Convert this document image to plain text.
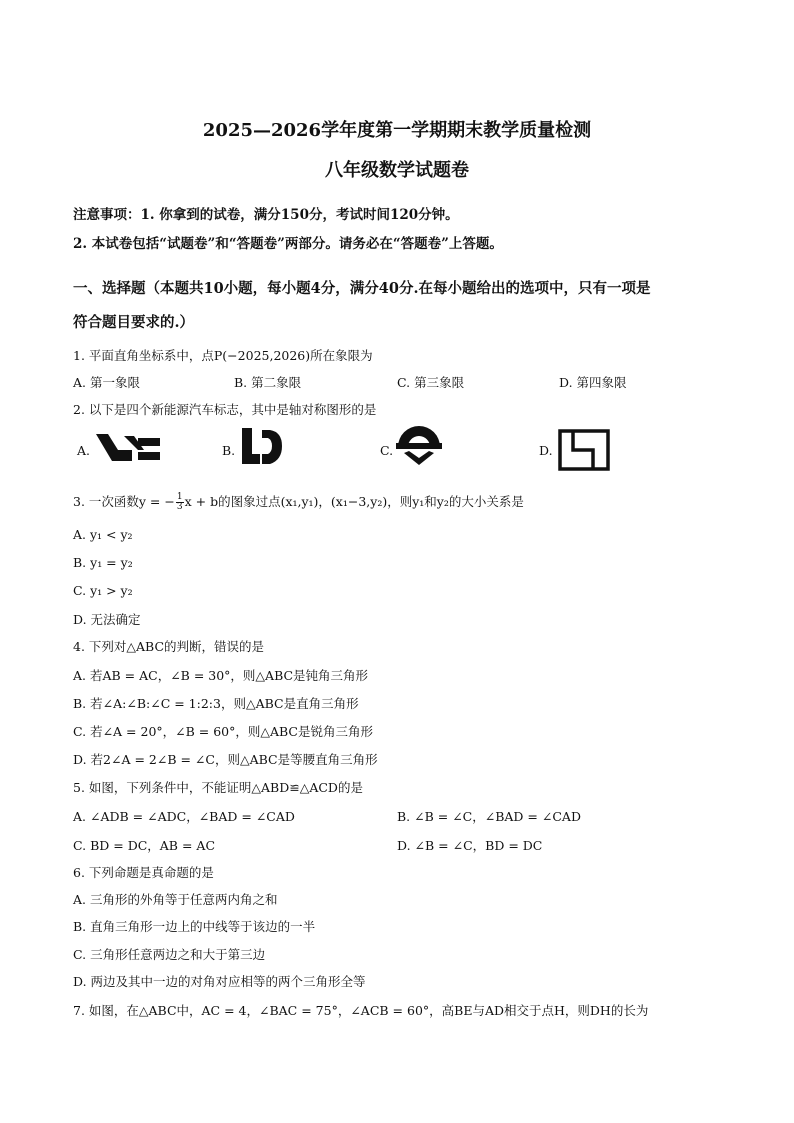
2025—2026学年度第一学期期末教学质量检测
八年级数学试题卷
注意事项：1. 你拿到的试卷，满分150分，考试时间120分钟。
2. 本试卷包括“试题卷”和“答题卷”两部分。请务必在“答题卷”上答题。
一、选择题（本题共10小题，每小题4分，满分40分.在每小题给出的选项中，只有一项是
符合题目要求的.）
1. 平面直角坐标系中，点P(−2025,2026)所在象限为
A. 第一象限	B. 第二象限	C. 第三象限	D. 第四象限
2. 以下是四个新能源汽车标志，其中是轴对称图形的是
A.	B.	C.	D.
3. 一次函数y = − $\frac{1}{3}$ x + b的图象过点(x₁,y₁)，(x₁−3,y₂)，则y₁和y₂的大小关系是
A. y₁ < y₂
B. y₁ = y₂
C. y₁ > y₂
D. 无法确定
4. 下列对△ABC的判断，错误的是
A. 若AB = AC，∠B = 30°，则△ABC是钝角三角形
B. 若∠A:∠B:∠C = 1:2:3，则△ABC是直角三角形
C. 若∠A = 20°，∠B = 60°，则△ABC是锐角三角形
D. 若2∠A = 2∠B = ∠C，则△ABC是等腰直角三角形
5. 如图，下列条件中，不能证明△ABD≌△ACD的是
A. ∠ADB = ∠ADC，∠BAD = ∠CAD	B. ∠B = ∠C，∠BAD = ∠CAD
C. BD = DC，AB = AC	D. ∠B = ∠C，BD = DC
6. 下列命题是真命题的是
A. 三角形的外角等于任意两内角之和
B. 直角三角形一边上的中线等于该边的一半
C. 三角形任意两边之和大于第三边
D. 两边及其中一边的对角对应相等的两个三角形全等
7. 如图，在△ABC中，AC = 4，∠BAC = 75°，∠ACB = 60°，高BE与AD相交于点H，则DH的长为
